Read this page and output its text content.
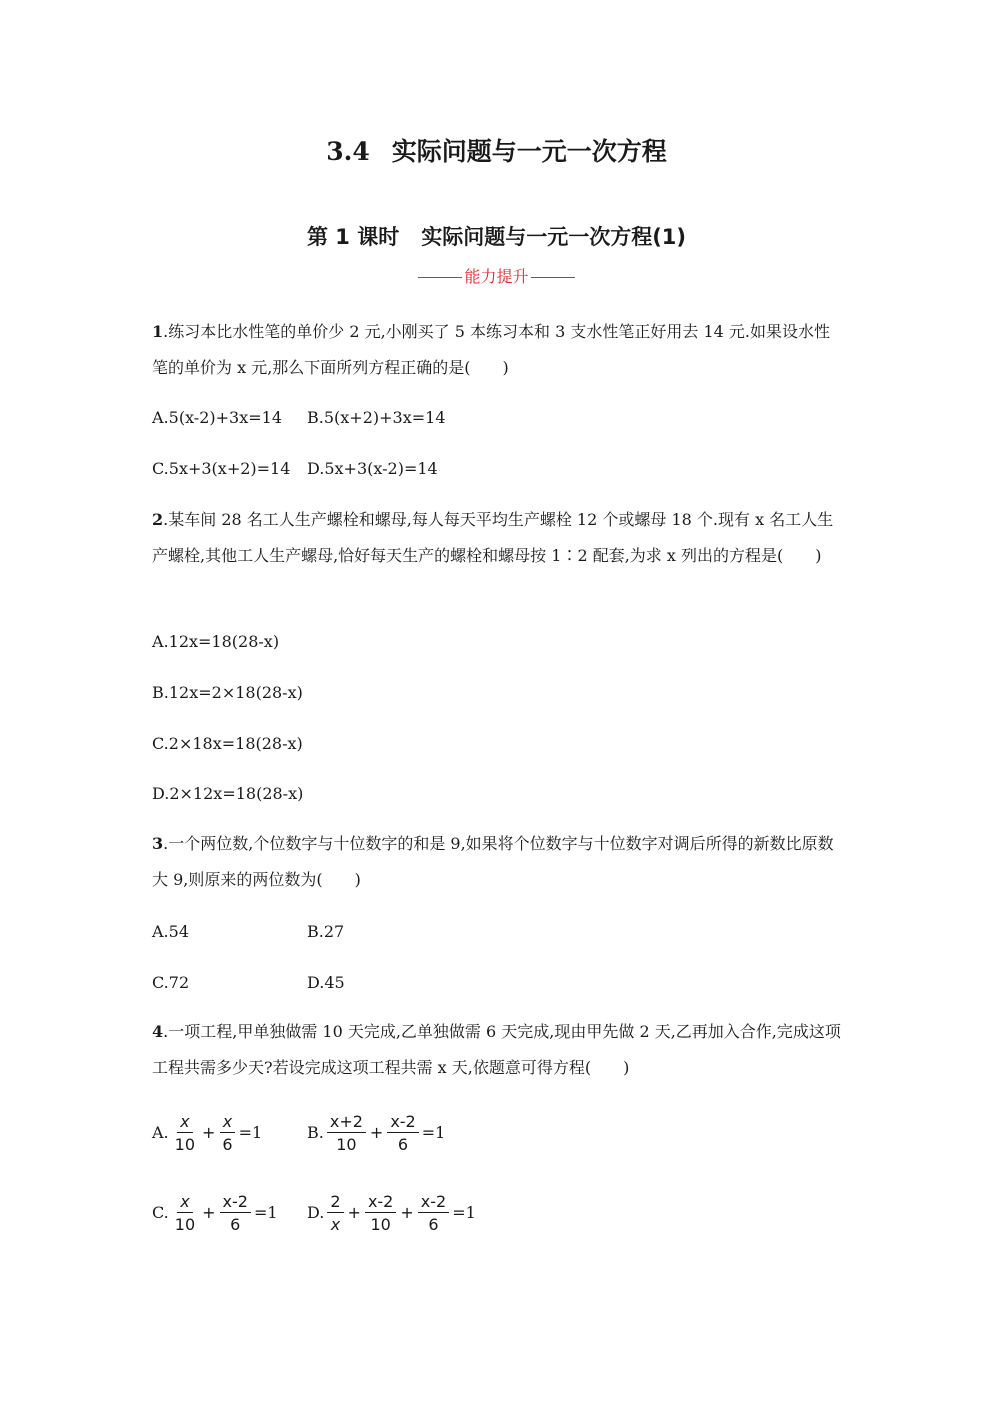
3.4 实际问题与一元一次方程
第 1 课时 实际问题与一元一次方程(1)
能力提升
1.练习本比水性笔的单价少 2 元,小刚买了 5 本练习本和 3 支水性笔正好用去 14 元.如果设水性笔的单价为 x 元,那么下面所列方程正确的是(　　)
A.5(x-2)+3x=14 B.5(x+2)+3x=14
C.5x+3(x+2)=14 D.5x+3(x-2)=14
2.某车间 28 名工人生产螺栓和螺母,每人每天平均生产螺栓 12 个或螺母 18 个.现有 x 名工人生产螺栓,其他工人生产螺母,恰好每天生产的螺栓和螺母按 1∶2 配套,为求 x 列出的方程是(　　)
A.12x=18(28-x)
B.12x=2×18(28-x)
C.2×18x=18(28-x)
D.2×12x=18(28-x)
3.一个两位数,个位数字与十位数字的和是 9,如果将个位数字与十位数字对调后所得的新数比原数大 9,则原来的两位数为(　　)
A.54	B.27
C.72	D.45
4.一项工程,甲单独做需 10 天完成,乙单独做需 6 天完成,现由甲先做 2 天,乙再加入合作,完成这项工程共需多少天?若设完成这项工程共需 x 天,依题意可得方程(　　)
A. $\frac{x}{10} + \frac{x}{6} =1$	B. $\frac{x+2}{10} + \frac{x-2}{6} =1$
C. $\frac{x}{10} + \frac{x-2}{6} =1$ D. $\frac{2}{x} + \frac{x-2}{10} + \frac{x-2}{6} =1$
